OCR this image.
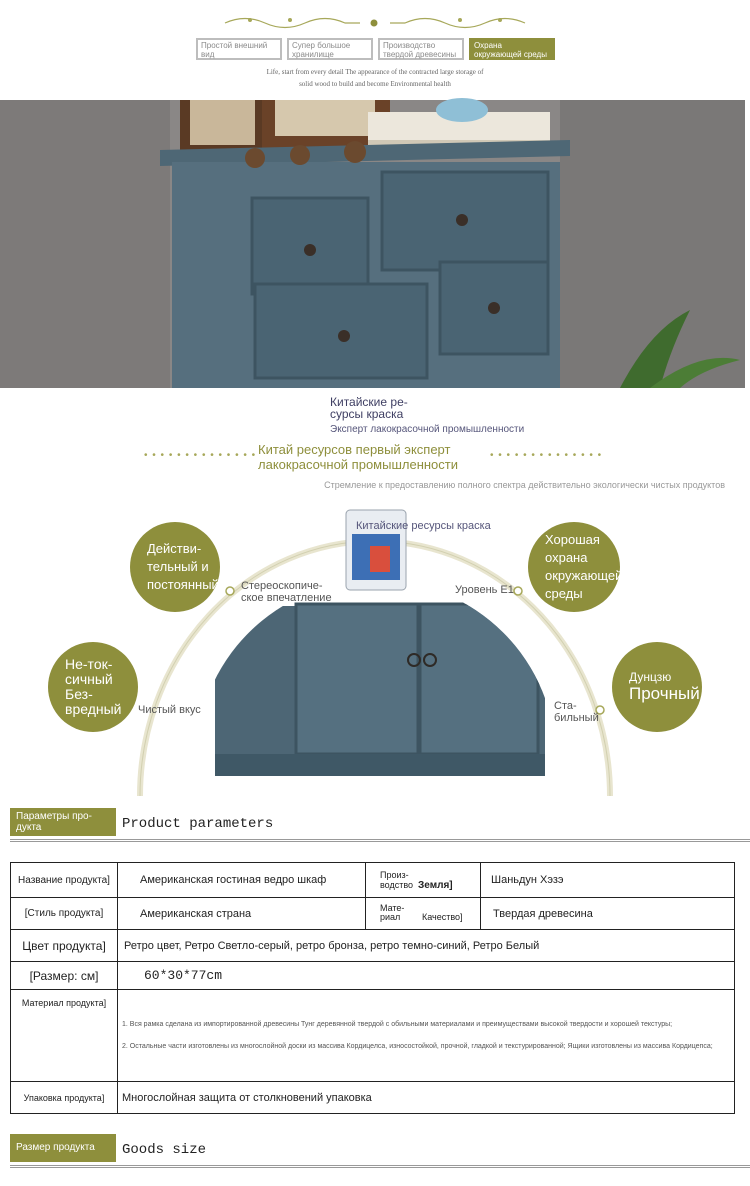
Простой внешний вид
Супер большое хранилище
Производство твердой древесины
Охрана окружающей среды и здоровье
Life, start from every detail The appearance of the contracted large storage of
solid wood to build and become Environmental health
Китайские ре-сурсы краска
Эксперт лакокрасочной промышленности
• • • • • • • • • • • • • • Китай ресурсов первый эксперт лакокрасочной промышленности
• • • • • • • • • • • • • •
Стремление к предоставлению полного спектра действительно экологически чистых продуктов
Китайские ресурсы краска
Действи-тельный и постоянный
Хорошая охрана окружающей среды
Не-ток-сичный Без-вредный
Дунцзю
Прочный
Стереоскопиче-ское впечатление
Уровень E1
Чистый вкус	Ста-бильный
Параметры про-дукта	Product parameters
Название продукта]	Американская гостиная ведро шкаф	Произ-водство Земля]	Шаньдун Хэзэ
[Стиль продукта]	Американская страна	Мате-риал Качество]	Твердая древесина
Цвет продукта]	Ретро цвет, Ретро Светло-серый, ретро бронза, ретро темно-синий, Ретро Белый		
[Размер: см]	60*30*77cm		
Материал продукта]	1. Вся рамка сделана из импортированной древесины Тунг деревянной твердой с обильными материалами и преимуществами высокой твердости и хорошей текстуры;
2. Остальные части изготовлены из многослойной доски из массива Кордицелса, износостойкой, прочной, гладкой и текстурированной; Ящики изготовлены из массива Кордицепса;		

Упаковка продукта]	Многослойная защита от столкновений упаковка		
Размер продукта	Goods size
